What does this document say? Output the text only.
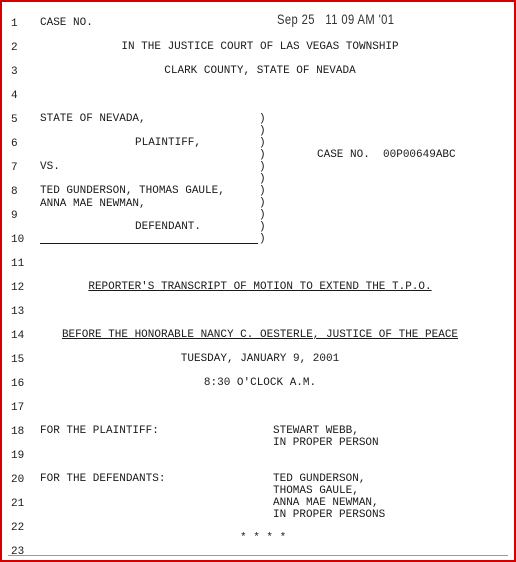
Sep 25   11 09 AM '01
1
2
3
4
5
6
7
8
9
10
11
12
13
14
15
16
17
18
19
20
21
22
23
CASE NO.
IN THE JUSTICE COURT OF LAS VEGAS TOWNSHIP
CLARK COUNTY, STATE OF NEVADA
STATE OF NEVADA,
PLAINTIFF,
VS.
TED GUNDERSON, THOMAS GAULE,
ANNA MAE NEWMAN,
DEFENDANT.
)
)
)
)
)
)
)
)
)
)
)
CASE NO.  00P00649ABC
REPORTER'S TRANSCRIPT OF MOTION TO EXTEND THE T.P.O.
BEFORE THE HONORABLE NANCY C. OESTERLE, JUSTICE OF THE PEACE
TUESDAY, JANUARY 9, 2001
8:30 O'CLOCK A.M.
FOR THE PLAINTIFF:	STEWART WEBB,
IN PROPER PERSON
FOR THE DEFENDANTS:	TED GUNDERSON,
THOMAS GAULE,
ANNA MAE NEWMAN,
IN PROPER PERSONS
* * * *
